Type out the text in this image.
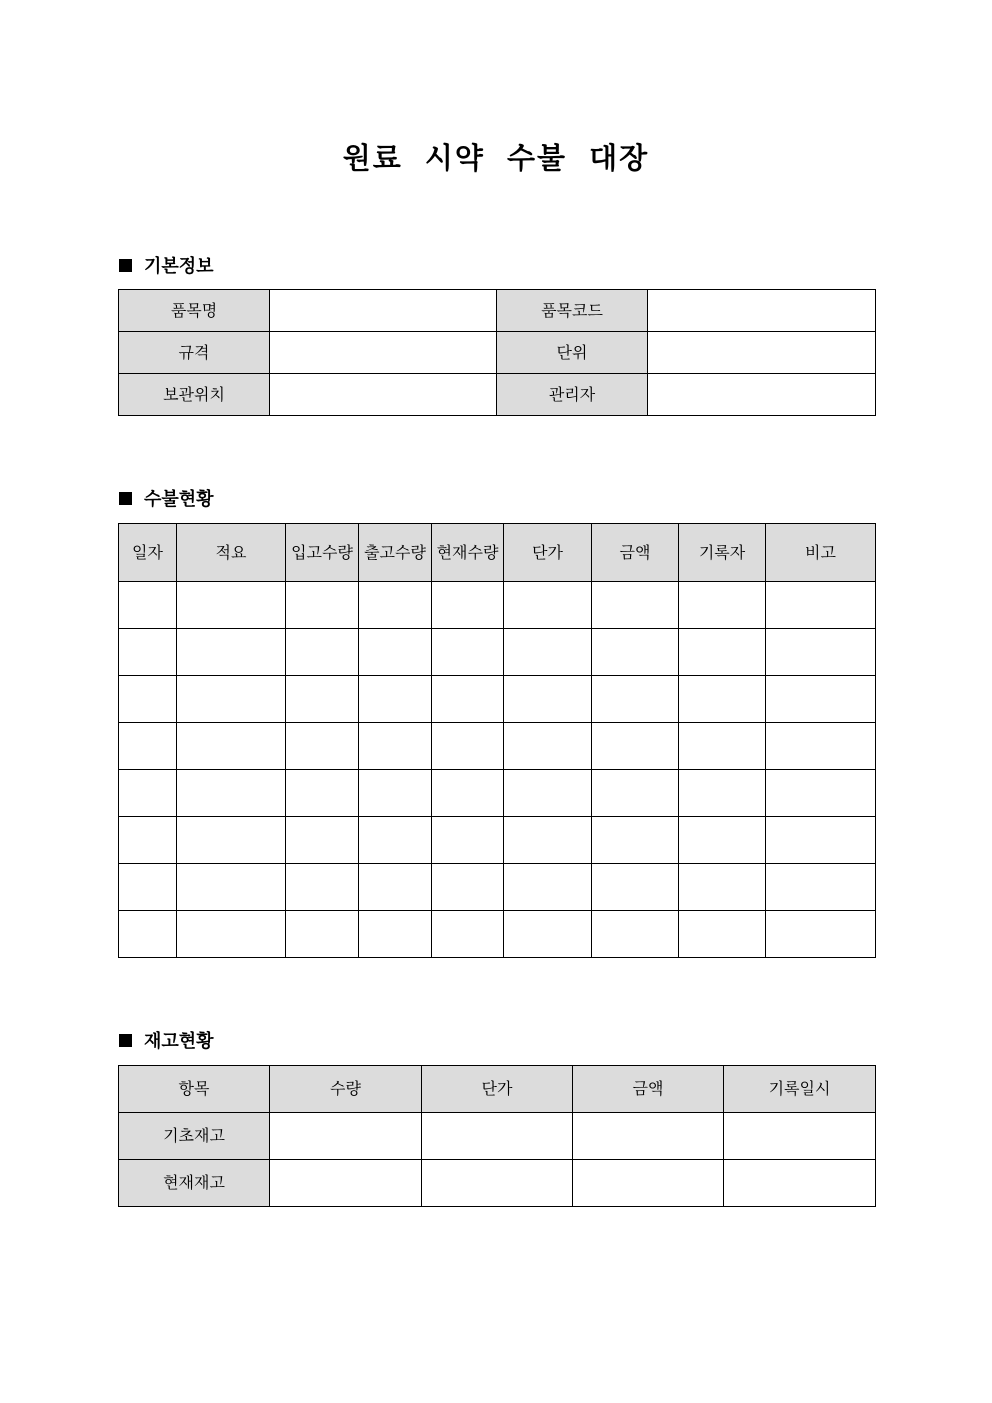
원료 시약 수불 대장
기본정보
품목명		품목코드	
규격		단위	
보관위치		관리자	
수불현황
일자	적요	입고수량	출고수량	현재수량	단가	금액	기록자	비고

재고현황
항목	수량	단가	금액	기록일시
기초재고				
현재재고				
